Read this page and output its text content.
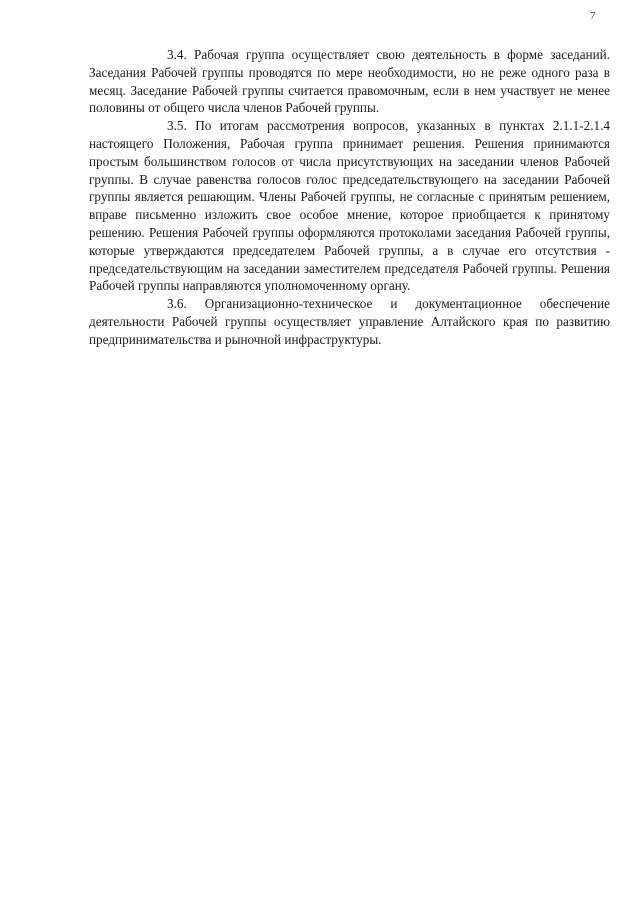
7

3.4. Рабочая группа осуществляет свою деятельность в форме заседаний. Заседания Рабочей группы проводятся по мере необходимости, но не реже одного раза в месяц. Заседание Рабочей группы считается правомочным, если в нем участвует не менее половины от общего числа членов Рабочей группы.

3.5. По итогам рассмотрения вопросов, указанных в пунктах 2.1.1-2.1.4 настоящего Положения, Рабочая группа принимает решения. Решения принимаются простым большинством голосов от числа присутствующих на заседании членов Рабочей группы. В случае равенства голосов голос председательствующего на заседании Рабочей группы является решающим. Члены Рабочей группы, не согласные с принятым решением, вправе письменно изложить свое особое мнение, которое приобщается к принятому решению. Решения Рабочей группы оформляются протоколами заседания Рабочей группы, которые утверждаются председателем Рабочей группы, а в случае его отсутствия - председательствующим на заседании заместителем председателя Рабочей группы. Решения Рабочей группы направляются уполномоченному органу.

3.6. Организационно-техническое и документационное обеспечение деятельности Рабочей группы осуществляет управление Алтайского края по развитию предпринимательства и рыночной инфраструктуры.
